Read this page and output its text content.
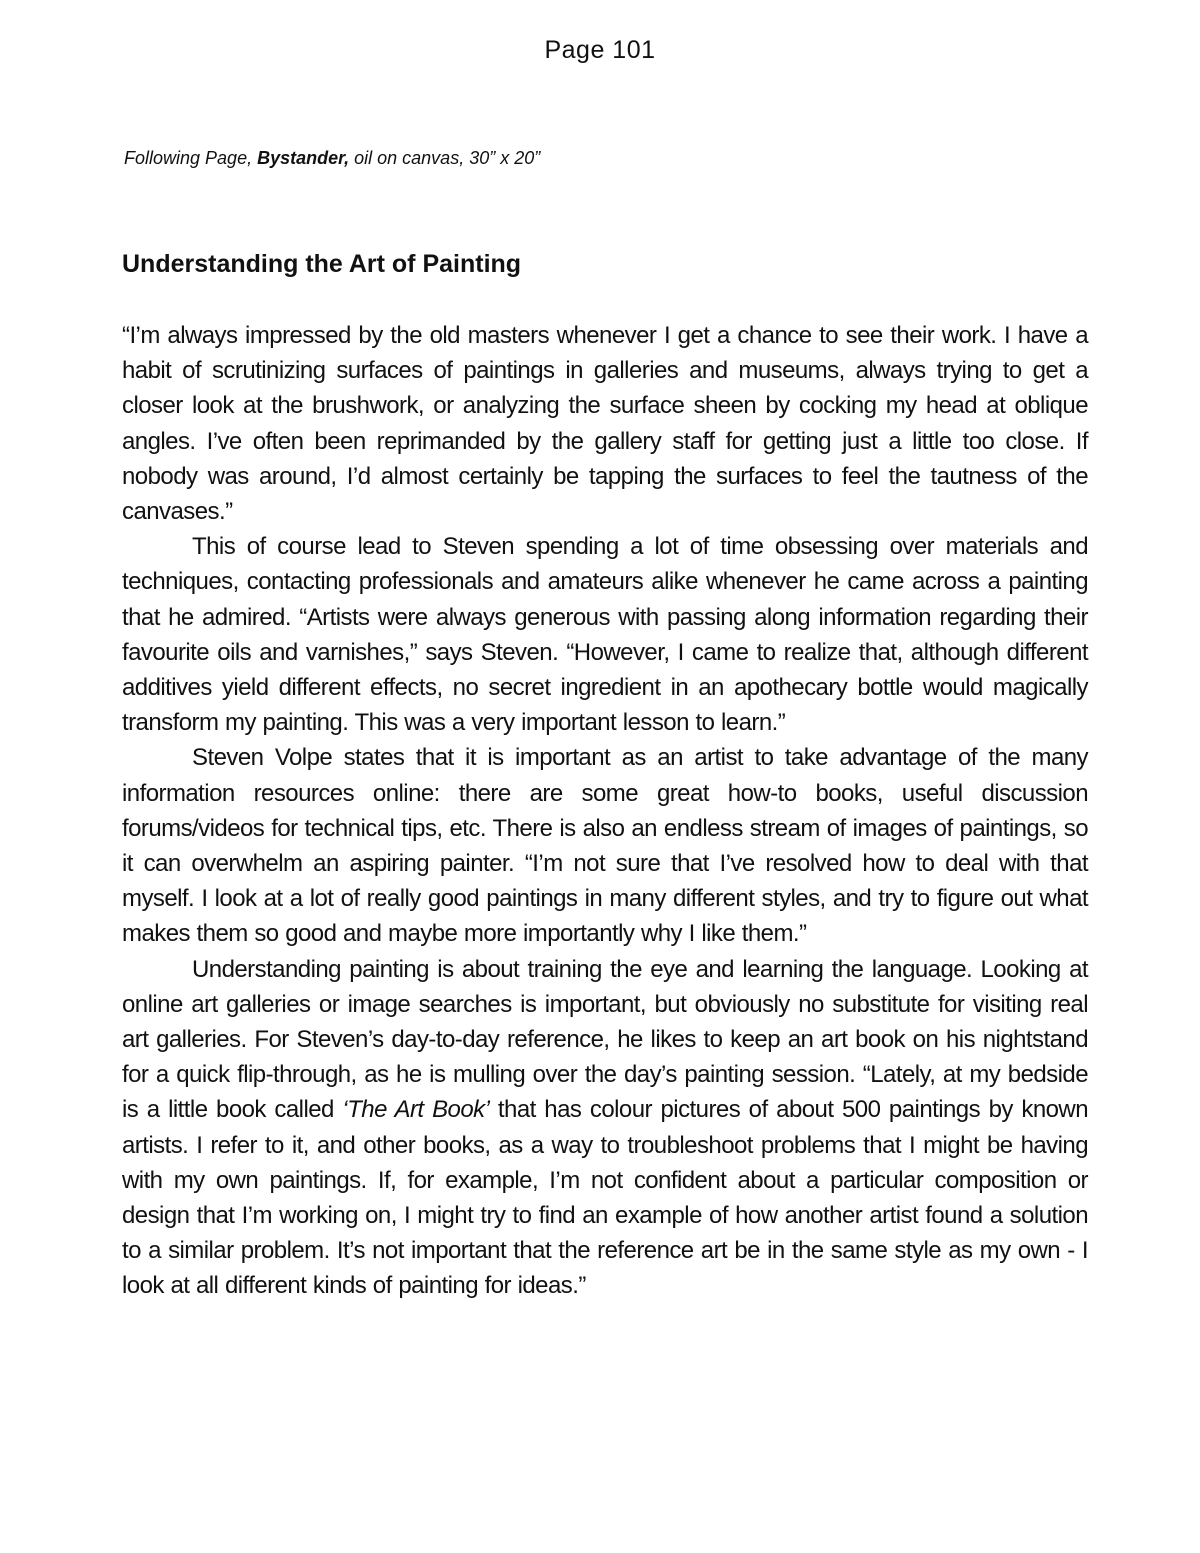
Page 101
Following Page, Bystander, oil on canvas, 30” x 20”
Understanding the Art of Painting

“I’m always impressed by the old masters whenever I get a chance to see their work. I have a habit of scrutinizing surfaces of paintings in galleries and museums, always trying to get a closer look at the brushwork, or analyzing the surface sheen by cocking my head at oblique angles. I’ve often been reprimanded by the gallery staff for getting just a little too close. If nobody was around, I’d almost certainly be tapping the surfaces to feel the tautness of the canvases.”

This of course lead to Steven spending a lot of time obsessing over materials and techniques, contacting professionals and amateurs alike whenever he came across a painting that he admired. “Artists were always generous with passing along information regarding their favourite oils and varnishes,” says Steven. “However, I came to realize that, although different additives yield different effects, no secret ingredient in an apothecary bottle would magically transform my painting. This was a very important lesson to learn.”

Steven Volpe states that it is important as an artist to take advantage of the many information resources online: there are some great how-to books, useful discussion forums/videos for technical tips, etc. There is also an endless stream of images of paintings, so it can overwhelm an aspiring painter. “I’m not sure that I’ve resolved how to deal with that myself. I look at a lot of really good paintings in many different styles, and try to figure out what makes them so good and maybe more importantly why I like them.”

Understanding painting is about training the eye and learning the language. Looking at online art galleries or image searches is important, but obviously no substitute for visiting real art galleries. For Steven’s day-to-day reference, he likes to keep an art book on his nightstand for a quick flip-through, as he is mulling over the day’s painting session. “Lately, at my bedside is a little book called ‘The Art Book’ that has colour pictures of about 500 paintings by known artists. I refer to it, and other books, as a way to troubleshoot problems that I might be having with my own paintings. If, for example, I’m not confident about a particular composition or design that I’m working on, I might try to find an example of how another artist found a solution to a similar problem. It’s not important that the reference art be in the same style as my own - I look at all different kinds of painting for ideas.”
